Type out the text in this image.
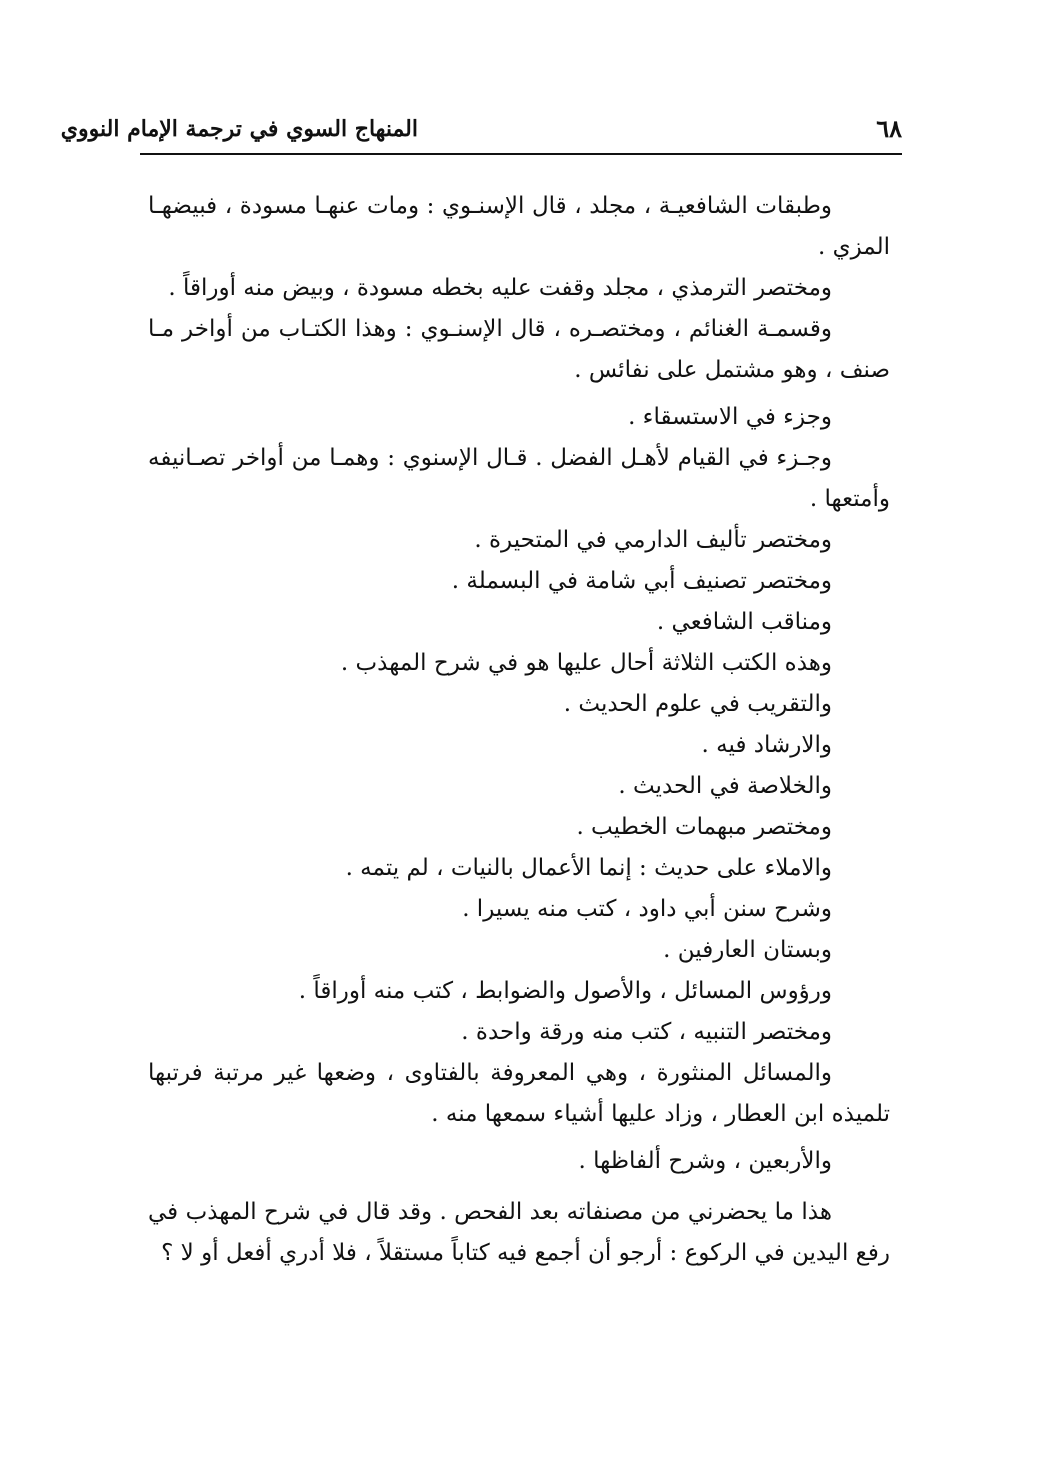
المنهاج السوي في ترجمة الإمام النووي	٦٨

وطبقات الشافعيـة ، مجلد ، قال الإسنـوي : ومات عنهـا مسودة ، فبيضهـا المزي .

ومختصر الترمذي ، مجلد وقفت عليه بخطه مسودة ، وبيض منه أوراقاً .

وقسمـة الغنائم ، ومختصـره ، قال الإسنـوي : وهذا الكتـاب من أواخر مـا صنف ، وهو مشتمل على نفائس .

وجزء في الاستسقاء .

وجـزء في القيام لأهـل الفضل . قـال الإسنوي : وهمـا من أواخر تصـانيفه وأمتعها .

ومختصر تأليف الدارمي في المتحيرة .

ومختصر تصنيف أبي شامة في البسملة .

ومناقب الشافعي .

وهذه الكتب الثلاثة أحال عليها هو في شرح المهذب .

والتقريب في علوم الحديث .

والارشاد فيه .

والخلاصة في الحديث .

ومختصر مبهمات الخطيب .

والاملاء على حديث : إنما الأعمال بالنيات ، لم يتمه .

وشرح سنن أبي داود ، كتب منه يسيرا .

وبستان العارفين .

ورؤوس المسائل ، والأصول والضوابط ، كتب منه أوراقاً .

ومختصر التنبيه ، كتب منه ورقة واحدة .

والمسائل المنثورة ، وهي المعروفة بالفتاوى ، وضعها غير مرتبة فرتبها تلميذه ابن العطار ، وزاد عليها أشياء سمعها منه .

والأربعين ، وشرح ألفاظها .

هذا ما يحضرني من مصنفاته بعد الفحص . وقد قال في شرح المهذب في رفع اليدين في الركوع : أرجو أن أجمع فيه كتاباً مستقلاً ، فلا أدري أفعل أو لا ؟
